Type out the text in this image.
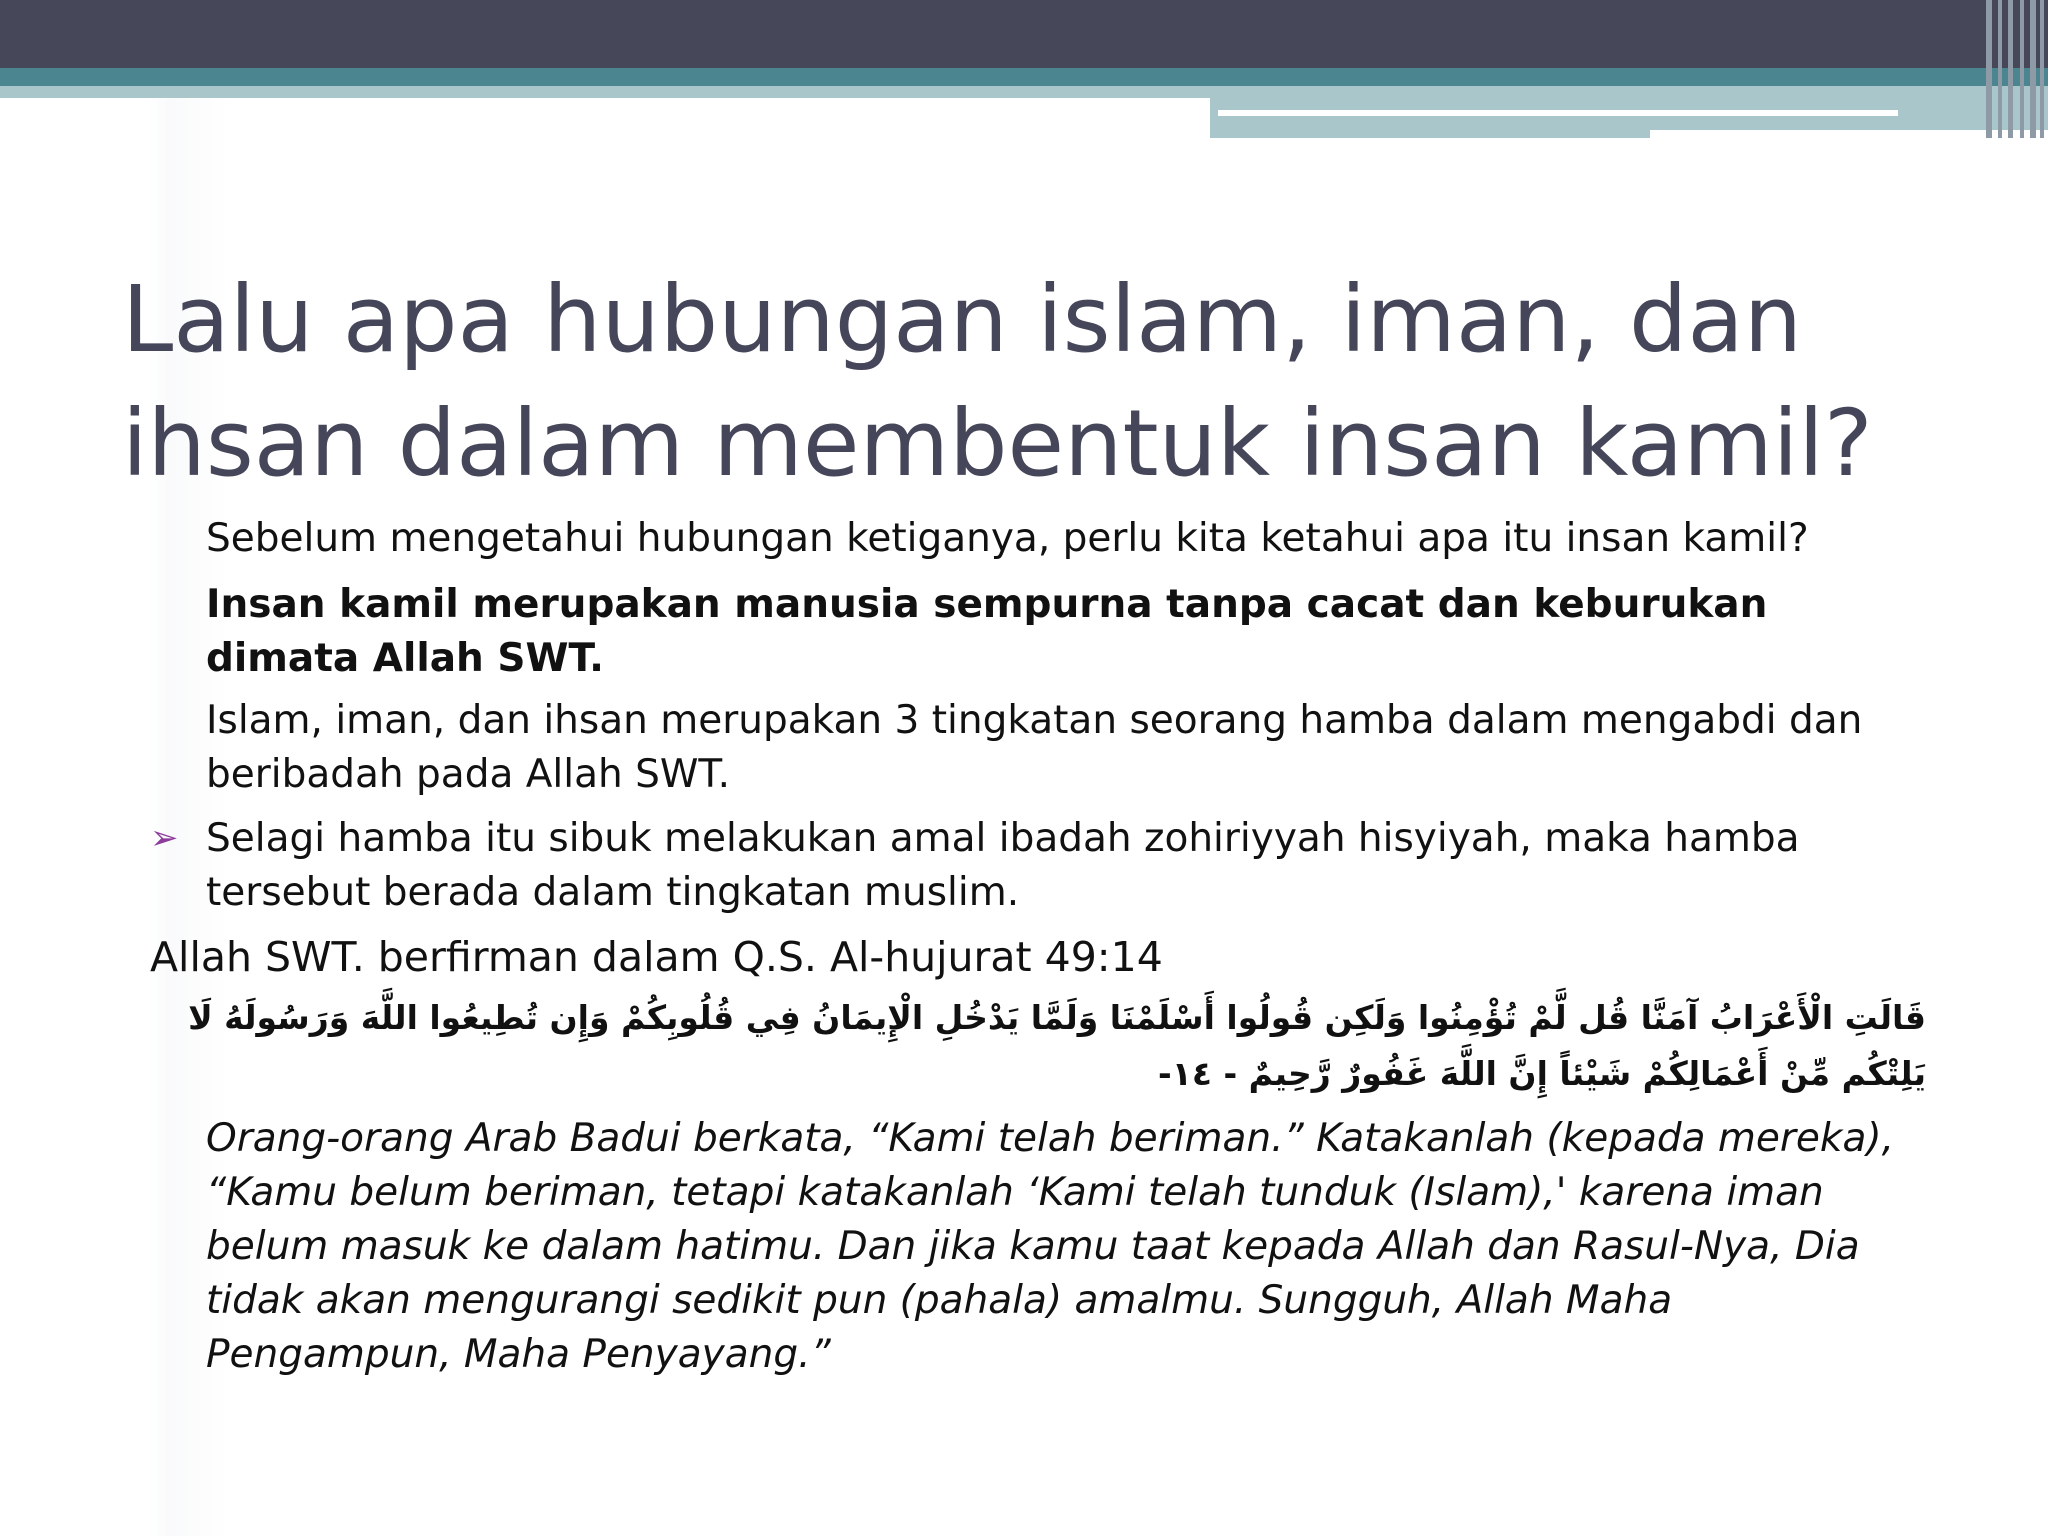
Lalu apa hubungan islam, iman, dan ihsan dalam membentuk insan kamil?

Sebelum mengetahui hubungan ketiganya, perlu kita ketahui apa itu insan kamil?

Insan kamil merupakan manusia sempurna tanpa cacat dan keburukan dimata Allah SWT.

Islam, iman, dan ihsan merupakan 3 tingkatan seorang hamba dalam mengabdi dan beribadah pada Allah SWT.

➢ Selagi hamba itu sibuk melakukan amal ibadah zohiriyyah hisyiyah, maka hamba tersebut berada dalam tingkatan muslim.

Allah SWT. berfirman dalam Q.S. Al-hujurat 49:14

قَالَتِ الْأَعْرَابُ آمَنَّا قُل لَّمْ تُؤْمِنُوا وَلَكِن قُولُوا أَسْلَمْنَا وَلَمَّا يَدْخُلِ الْإِيمَانُ فِي قُلُوبِكُمْ وَإِن تُطِيعُوا اللَّهَ وَرَسُولَهُ لَا يَلِتْكُم مِّنْ أَعْمَالِكُمْ شَيْئاً إِنَّ اللَّهَ غَفُورٌ رَّحِيمٌ - ١٤-

Orang-orang Arab Badui berkata, “Kami telah beriman.” Katakanlah (kepada mereka), “Kamu belum beriman, tetapi katakanlah ‘Kami telah tunduk (Islam),' karena iman belum masuk ke dalam hatimu. Dan jika kamu taat kepada Allah dan Rasul-Nya, Dia tidak akan mengurangi sedikit pun (pahala) amalmu. Sungguh, Allah Maha Pengampun, Maha Penyayang.”
